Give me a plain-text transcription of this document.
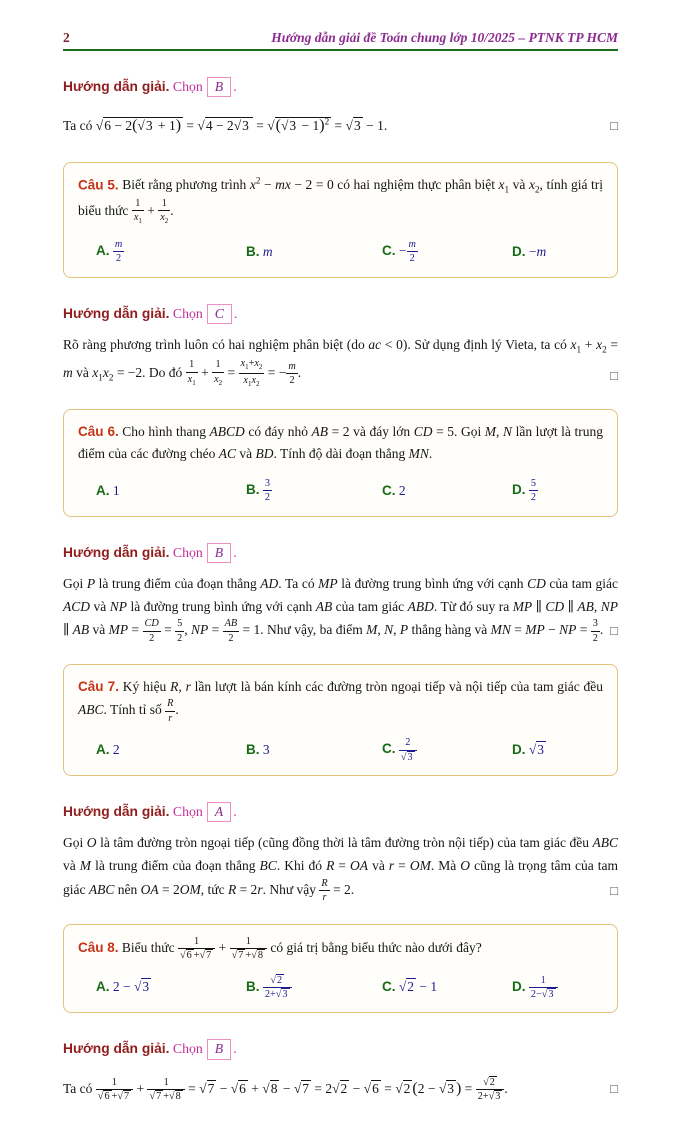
2	Hướng dẫn giải đề Toán chung lớp 10/2025 – PTNK TP HCM
Hướng dẫn giải. Chọn B .
Ta có $√6 - 2(√3 + 1) = √4 - 2√3 = √(√3 - 1)^2 = √3 - 1$.	□

Câu 5. Biết rằng phương trình $x^2$ − mx − 2 = 0 có hai nghiệm thực phân biệt $x_1$ và $x_2$, tính giá trị biểu thức $\frac{1}{x_1} + \frac{1}{x_2}$ .

A. $\frac{m}{2}$	B. m	C. − $\frac{m}{2}$	D. −m
Hướng dẫn giải. Chọn C .

Rõ ràng phương trình luôn có hai nghiệm phân biệt (do ac < 0). Sử dụng định lý Vieta, ta có $x_1 + x_2 = m$ và $x_1x_2 = -2$. Do đó $\frac{1}{x_1} + \frac{1}{x_2} = \frac{x_1+x_2}{x_1x_2}$ = − $\frac{m}{2}$ .	□

Câu 6. Cho hình thang ABCD có đáy nhỏ AB = 2 và đáy lớn CD = 5. Gọi M, N lần lượt là trung điểm của các đường chéo AC và BD. Tính độ dài đoạn thẳng MN.

A. 1	B. $\frac{3}{2}$	C. 2	D. $\frac{5}{2}$
Hướng dẫn giải. Chọn B .

Gọi P là trung điểm của đoạn thẳng AD. Ta có MP là đường trung bình ứng với cạnh CD của tam giác ACD và NP là đường trung bình ứng với cạnh AB của tam giác ABD. Từ đó suy ra MP ∥ CD ∥ AB, NP ∥ AB và MP = $\frac{CD}{2} = \frac{5}{2}$ , NP = $\frac{AB}{2} = 1$. Như vậy, ba điểm M, N, P thẳng hàng và MN = MP − NP = $\frac{3}{2}$ . □

Câu 7. Ký hiệu R, r lần lượt là bán kính các đường tròn ngoại tiếp và nội tiếp của tam giác đều ABC. Tính tỉ số $\frac{R}{r}$ .

A. 2	B. 3	C. $\frac{2}{√3}$	D. √3
Hướng dẫn giải. Chọn A .

Gọi O là tâm đường tròn ngoại tiếp (cũng đồng thời là tâm đường tròn nội tiếp) của tam giác đều ABC và M là trung điểm của đoạn thẳng BC. Khi đó R = OA và r = OM. Mà O cũng là trọng tâm của tam giác ABC nên OA = 2OM, tức R = 2r. Như vậy $\frac{R}{r} = 2$.	□

Câu 8. Biểu thức $\frac{1}{√6 +√7} + \frac{1}{√7 +√8}$ có giá trị bằng biểu thức nào dưới đây?

A. 2 − √3	B. $\frac{√2}{2+√3}$	C. √2 − 1	D. $\frac{1}{2-√3}$
Hướng dẫn giải. Chọn B .
Ta có $\frac{1}{√6 +√7} + \frac{1}{√7 +√8} = √7 - √6 + √8 - √7 = 2√2 - √6 = √2$ (2 − √3 ) = $\frac{√2}{2+√3}$ .	□
